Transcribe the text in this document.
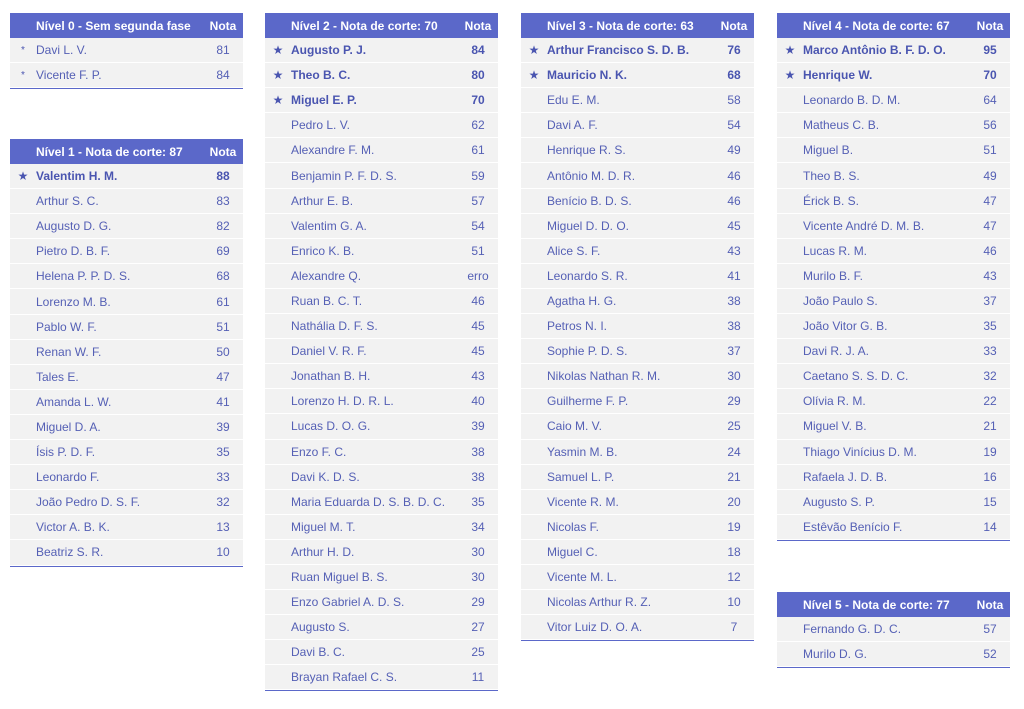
Nível 0 - Sem segunda fase	Nota
* Davi L. V.	81
* Vicente F. P.	84
Nível 1 - Nota de corte: 87	Nota
★ Valentim H. M.	88
Arthur S. C.	83
Augusto D. G.	82
Pietro D. B. F.	69
Helena P. P. D. S.	68
Lorenzo M. B.	61
Pablo W. F.	51
Renan W. F.	50
Tales E.	47
Amanda L. W.	41
Miguel D. A.	39
Ísis P. D. F.	35
Leonardo F.	33
João Pedro D. S. F.	32
Victor A. B. K.	13
Beatriz S. R.	10
Nível 2 - Nota de corte: 70	Nota
★ Augusto P. J.	84
★ Theo B. C.	80
★ Miguel E. P.	70
Pedro L. V.	62
Alexandre F. M.	61
Benjamin P. F. D. S.	59
Arthur E. B.	57
Valentim G. A.	54
Enrico K. B.	51
Alexandre Q.	erro
Ruan B. C. T.	46
Nathália D. F. S.	45
Daniel V. R. F.	45
Jonathan B. H.	43
Lorenzo H. D. R. L.	40
Lucas D. O. G.	39
Enzo F. C.	38
Davi K. D. S.	38
Maria Eduarda D. S. B. D. C.	35
Miguel M. T.	34
Arthur H. D.	30
Ruan Miguel B. S.	30
Enzo Gabriel A. D. S.	29
Augusto S.	27
Davi B. C.	25
Brayan Rafael C. S.	11
Nível 3 - Nota de corte: 63	Nota
★ Arthur Francisco S. D. B.	76
★ Mauricio N. K.	68
Edu E. M.	58
Davi A. F.	54
Henrique R. S.	49
Antônio M. D. R.	46
Benício B. D. S.	46
Miguel D. D. O.	45
Alice S. F.	43
Leonardo S. R.	41
Agatha H. G.	38
Petros N. I.	38
Sophie P. D. S.	37
Nikolas Nathan R. M.	30
Guilherme F. P.	29
Caio M. V.	25
Yasmin M. B.	24
Samuel L. P.	21
Vicente R. M.	20
Nicolas F.	19
Miguel C.	18
Vicente M. L.	12
Nicolas Arthur R. Z.	10
Vitor Luiz D. O. A.	7
Nível 4 - Nota de corte: 67	Nota
★ Marco Antônio B. F. D. O.	95
★ Henrique W.	70
Leonardo B. D. M.	64
Matheus C. B.	56
Miguel B.	51
Theo B. S.	49
Érick B. S.	47
Vicente André D. M. B.	47
Lucas R. M.	46
Murilo B. F.	43
João Paulo S.	37
João Vitor G. B.	35
Davi R. J. A.	33
Caetano S. S. D. C.	32
Olívia R. M.	22
Miguel V. B.	21
Thiago Vinícius D. M.	19
Rafaela J. D. B.	16
Augusto S. P.	15
Estêvão Benício F.	14
Nível 5 - Nota de corte: 77	Nota
Fernando G. D. C.	57
Murilo D. G.	52
